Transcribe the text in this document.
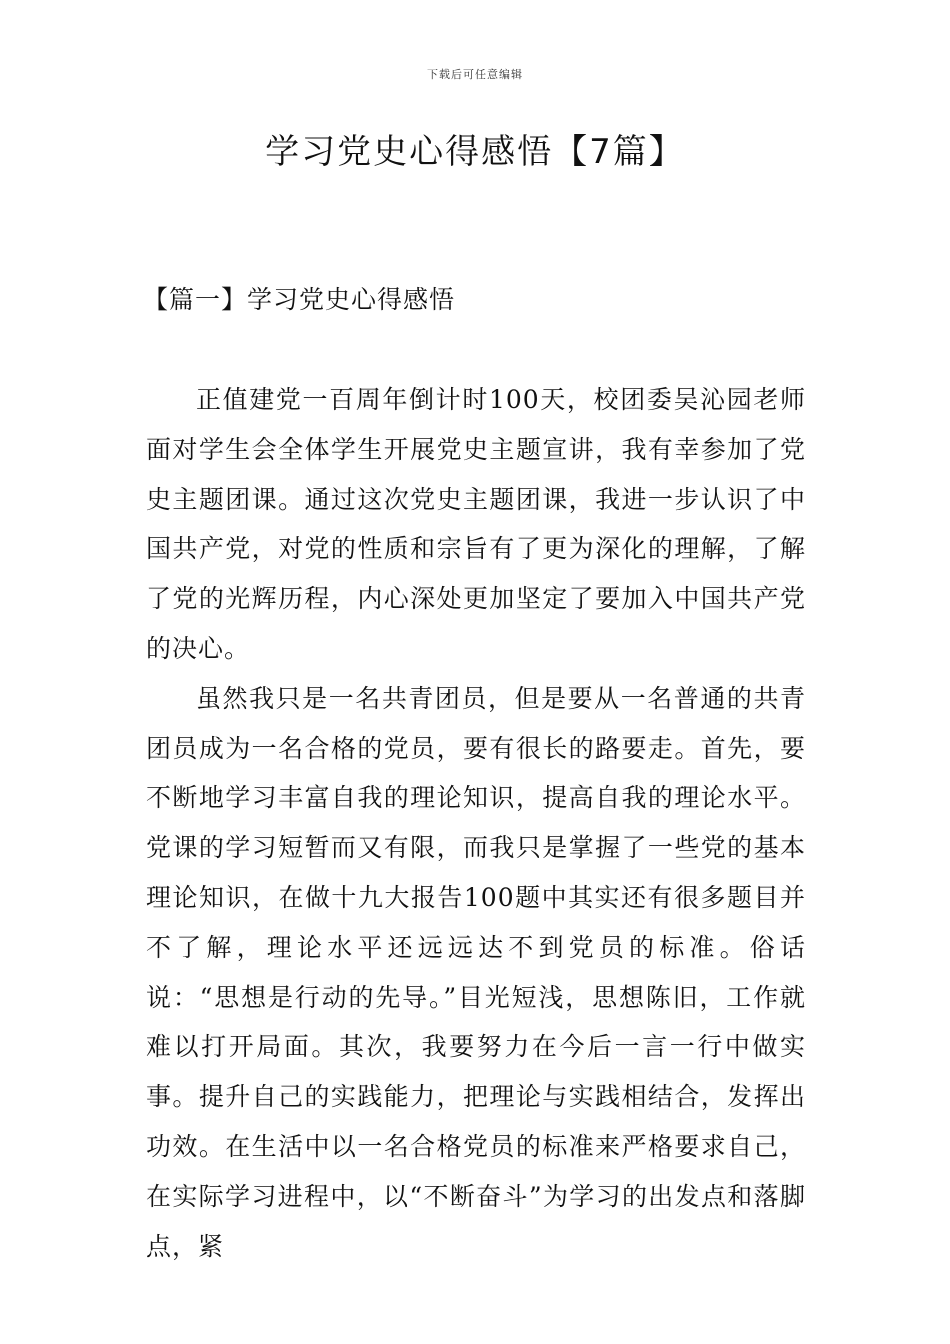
下载后可任意编辑
学习党史心得感悟【7篇】
【篇一】学习党史心得感悟

正值建党一百周年倒计时100天，校团委吴沁园老师面对学生会全体学生开展党史主题宣讲，我有幸参加了党史主题团课。通过这次党史主题团课，我进一步认识了中国共产党，对党的性质和宗旨有了更为深化的理解，了解了党的光辉历程，内心深处更加坚定了要加入中国共产党的决心。

虽然我只是一名共青团员，但是要从一名普通的共青团员成为一名合格的党员，要有很长的路要走。首先，要不断地学习丰富自我的理论知识，提高自我的理论水平。党课的学习短暂而又有限，而我只是掌握了一些党的基本理论知识，在做十九大报告100题中其实还有很多题目并不了解，理论水平还远远达不到党员的标准。俗话说：“思想是行动的先导。”目光短浅，思想陈旧，工作就难以打开局面。其次，我要努力在今后一言一行中做实事。提升自己的实践能力，把理论与实践相结合，发挥出功效。在生活中以一名合格党员的标准来严格要求自己，在实际学习进程中，以“不断奋斗”为学习的出发点和落脚点，紧
